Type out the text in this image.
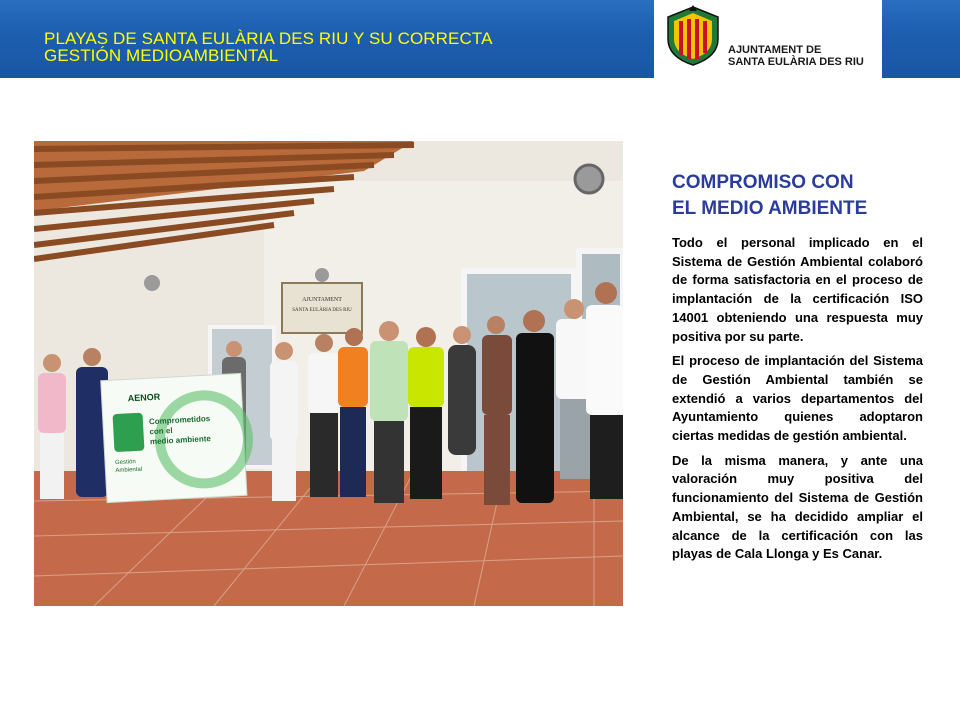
PLAYAS DE SANTA EULÀRIA DES RIU Y SU CORRECTA
GESTIÓN MEDIOAMBIENTAL	AJUNTAMENT DE
SANTA EULÀRIA DES RIU
AJUNTAMENT
SANTA EULÀRIA DES RIU
AENOR
Comprometidos
con el
medio ambiente
Gestión
Ambiental
COMPROMISO CON
EL MEDIO AMBIENTE

Todo el personal implicado en el Sistema de Gestión Ambiental colaboró de forma satisfactoria en el proceso de implantación de la certificación ISO 14001 obteniendo una respuesta muy positiva por su parte.

El proceso de implantación del Sistema de Gestión Ambiental también se extendió a varios departamentos del Ayuntamiento quienes adoptaron ciertas medidas de gestión ambiental.

De la misma manera, y ante una valoración muy positiva del funcionamiento del Sistema de Gestión Ambiental, se ha decidido ampliar el alcance de la certificación con las playas de Cala Llonga y Es Canar.
